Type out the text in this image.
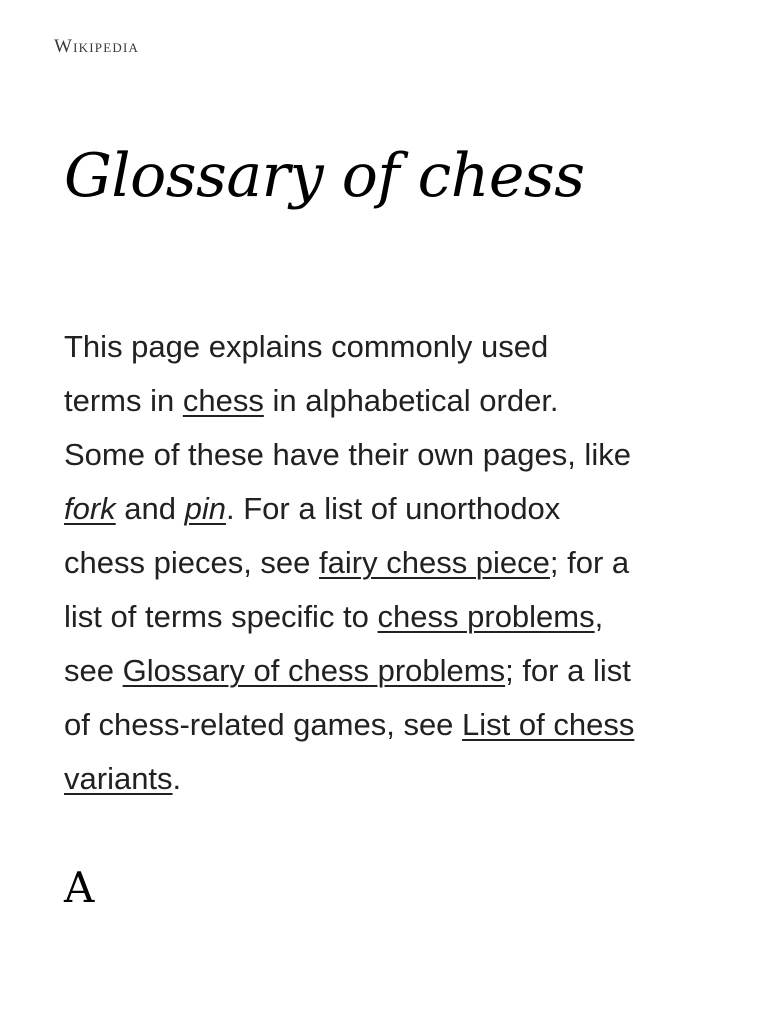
Wikipedia
Glossary of chess

This page explains commonly used
terms in chess in alphabetical order.
Some of these have their own pages, like
fork and pin. For a list of unorthodox
chess pieces, see fairy chess piece; for a
list of terms specific to chess problems,
see Glossary of chess problems; for a list
of chess-related games, see List of chess
variants.

A
